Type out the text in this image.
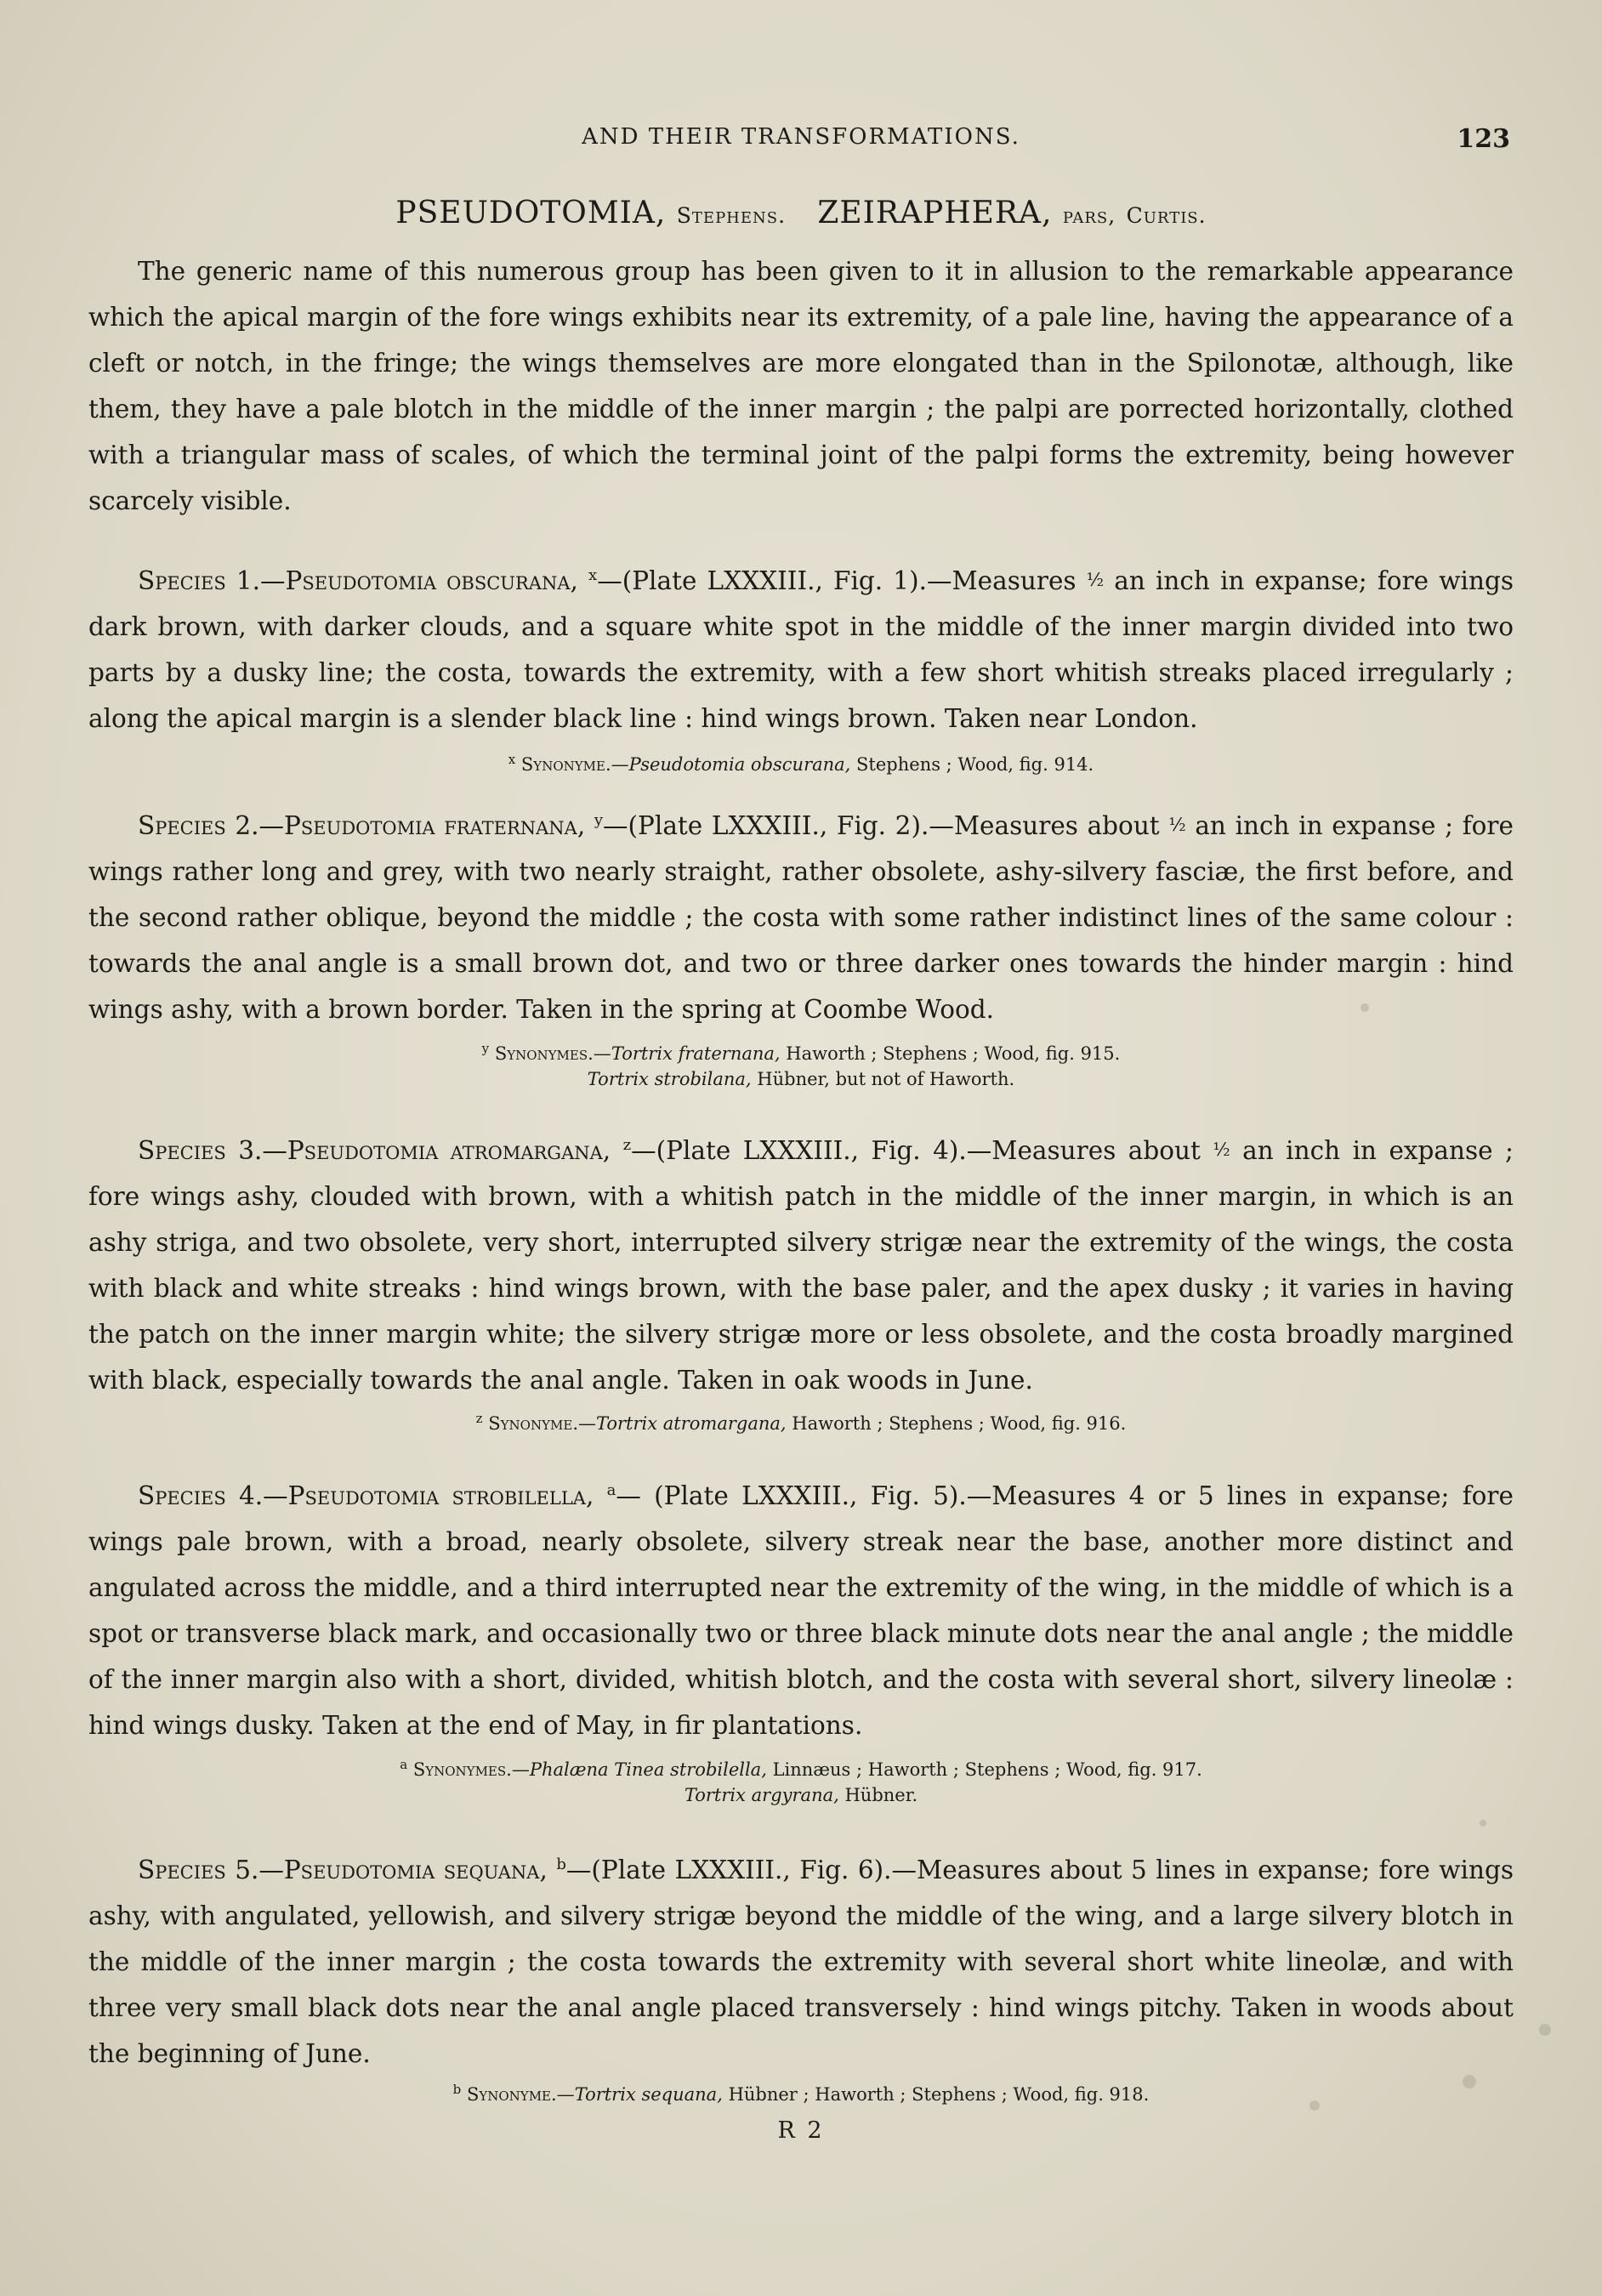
AND THEIR TRANSFORMATIONS.	123
PSEUDOTOMIA, Stephens. ZEIRAPHERA, pars, Curtis.
The generic name of this numerous group has been given to it in allusion to the remarkable appearance which the apical margin of the fore wings exhibits near its extremity, of a pale line, having the appearance of a cleft or notch, in the fringe; the wings themselves are more elongated than in the Spilonotæ, although, like them, they have a pale blotch in the middle of the inner margin ; the palpi are porrected horizontally, clothed with a triangular mass of scales, of which the terminal joint of the palpi forms the extremity, being however scarcely visible.
Species 1.—Pseudotomia obscurana, $^x$—(Plate LXXXIII., Fig. 1).—Measures ½ an inch in expanse; fore wings dark brown, with darker clouds, and a square white spot in the middle of the inner margin divided into two parts by a dusky line; the costa, towards the extremity, with a few short whitish streaks placed irregularly ; along the apical margin is a slender black line : hind wings brown. Taken near London.
$^x$ Synonyme.—Pseudotomia obscurana, Stephens ; Wood, fig. 914.
Species 2.—Pseudotomia fraternana, $^y$—(Plate LXXXIII., Fig. 2).—Measures about ½ an inch in expanse ; fore wings rather long and grey, with two nearly straight, rather obsolete, ashy-silvery fasciæ, the first before, and the second rather oblique, beyond the middle ; the costa with some rather indistinct lines of the same colour : towards the anal angle is a small brown dot, and two or three darker ones towards the hinder margin : hind wings ashy, with a brown border. Taken in the spring at Coombe Wood.
$^y$ Synonymes.—Tortrix fraternana, Haworth ; Stephens ; Wood, fig. 915.
Tortrix strobilana, Hübner, but not of Haworth.
Species 3.—Pseudotomia atromargana, $^z$—(Plate LXXXIII., Fig. 4).—Measures about ½ an inch in expanse ; fore wings ashy, clouded with brown, with a whitish patch in the middle of the inner margin, in which is an ashy striga, and two obsolete, very short, interrupted silvery strigæ near the extremity of the wings, the costa with black and white streaks : hind wings brown, with the base paler, and the apex dusky ; it varies in having the patch on the inner margin white; the silvery strigæ more or less obsolete, and the costa broadly margined with black, especially towards the anal angle. Taken in oak woods in June.
$^z$ Synonyme.—Tortrix atromargana, Haworth ; Stephens ; Wood, fig. 916.
Species 4.—Pseudotomia strobilella, $^a$— (Plate LXXXIII., Fig. 5).—Measures 4 or 5 lines in expanse; fore wings pale brown, with a broad, nearly obsolete, silvery streak near the base, another more distinct and angulated across the middle, and a third interrupted near the extremity of the wing, in the middle of which is a spot or transverse black mark, and occasionally two or three black minute dots near the anal angle ; the middle of the inner margin also with a short, divided, whitish blotch, and the costa with several short, silvery lineolæ : hind wings dusky. Taken at the end of May, in fir plantations.
$^a$ Synonymes.—Phalæna Tinea strobilella, Linnæus ; Haworth ; Stephens ; Wood, fig. 917.
Tortrix argyrana, Hübner.
Species 5.—Pseudotomia sequana, $^b$—(Plate LXXXIII., Fig. 6).—Measures about 5 lines in expanse; fore wings ashy, with angulated, yellowish, and silvery strigæ beyond the middle of the wing, and a large silvery blotch in the middle of the inner margin ; the costa towards the extremity with several short white lineolæ, and with three very small black dots near the anal angle placed transversely : hind wings pitchy. Taken in woods about the beginning of June.
$^b$ Synonyme.—Tortrix sequana, Hübner ; Haworth ; Stephens ; Wood, fig. 918.
R 2
